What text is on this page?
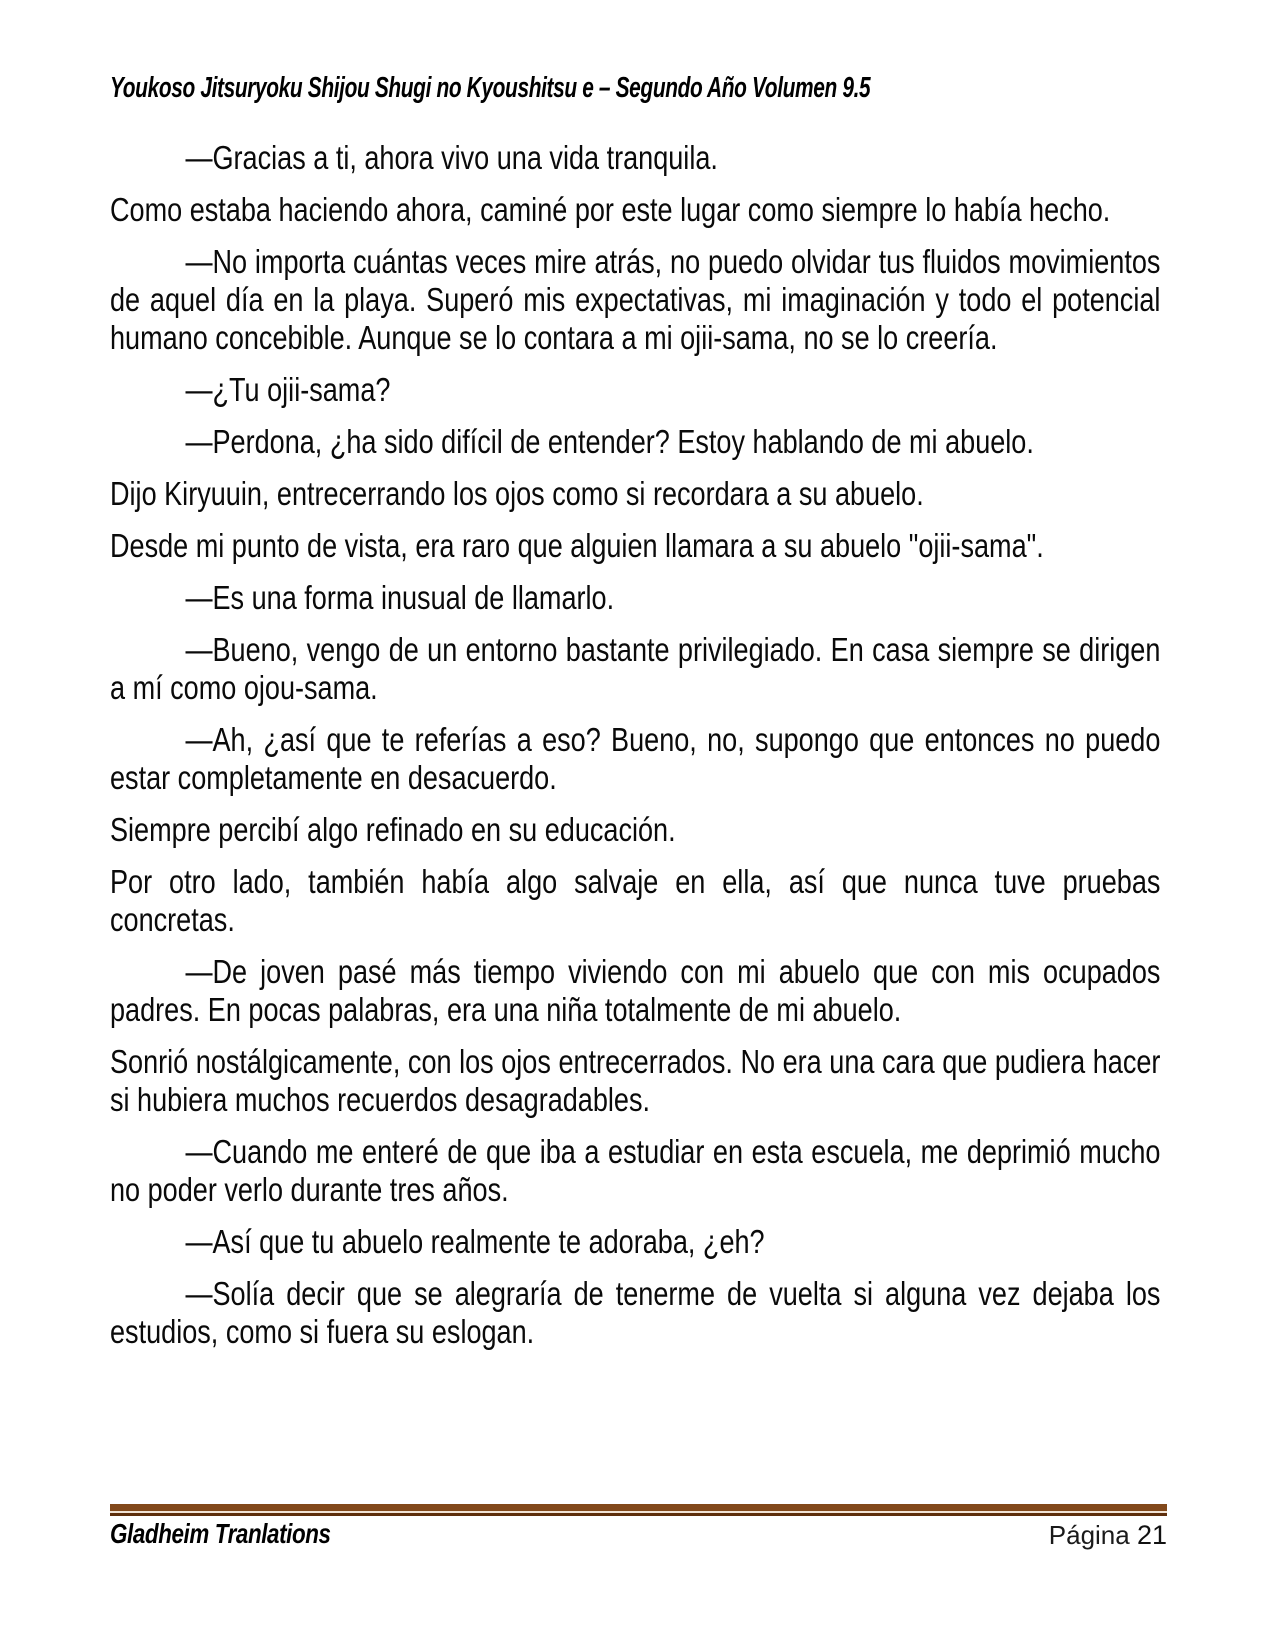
Youkoso Jitsuryoku Shijou Shugi no Kyoushitsu e – Segundo Año Volumen 9.5

—Gracias a ti, ahora vivo una vida tranquila.

Como estaba haciendo ahora, caminé por este lugar como siempre lo había hecho.

—No importa cuántas veces mire atrás, no puedo olvidar tus fluidos movimientos de aquel día en la playa. Superó mis expectativas, mi imaginación y todo el potencial humano concebible. Aunque se lo contara a mi ojii-sama, no se lo creería.

—¿Tu ojii-sama?

—Perdona, ¿ha sido difícil de entender? Estoy hablando de mi abuelo.

Dijo Kiryuuin, entrecerrando los ojos como si recordara a su abuelo.

Desde mi punto de vista, era raro que alguien llamara a su abuelo "ojii-sama".

—Es una forma inusual de llamarlo.

—Bueno, vengo de un entorno bastante privilegiado. En casa siempre se dirigen a mí como ojou-sama.

—Ah, ¿así que te referías a eso? Bueno, no, supongo que entonces no puedo estar completamente en desacuerdo.

Siempre percibí algo refinado en su educación.

Por otro lado, también había algo salvaje en ella, así que nunca tuve pruebas concretas.

—De joven pasé más tiempo viviendo con mi abuelo que con mis ocupados padres. En pocas palabras, era una niña totalmente de mi abuelo.

Sonrió nostálgicamente, con los ojos entrecerrados. No era una cara que pudiera hacer si hubiera muchos recuerdos desagradables.

—Cuando me enteré de que iba a estudiar en esta escuela, me deprimió mucho no poder verlo durante tres años.

—Así que tu abuelo realmente te adoraba, ¿eh?

—Solía decir que se alegraría de tenerme de vuelta si alguna vez dejaba los estudios, como si fuera su eslogan.

Gladheim Tranlations	Página 21
